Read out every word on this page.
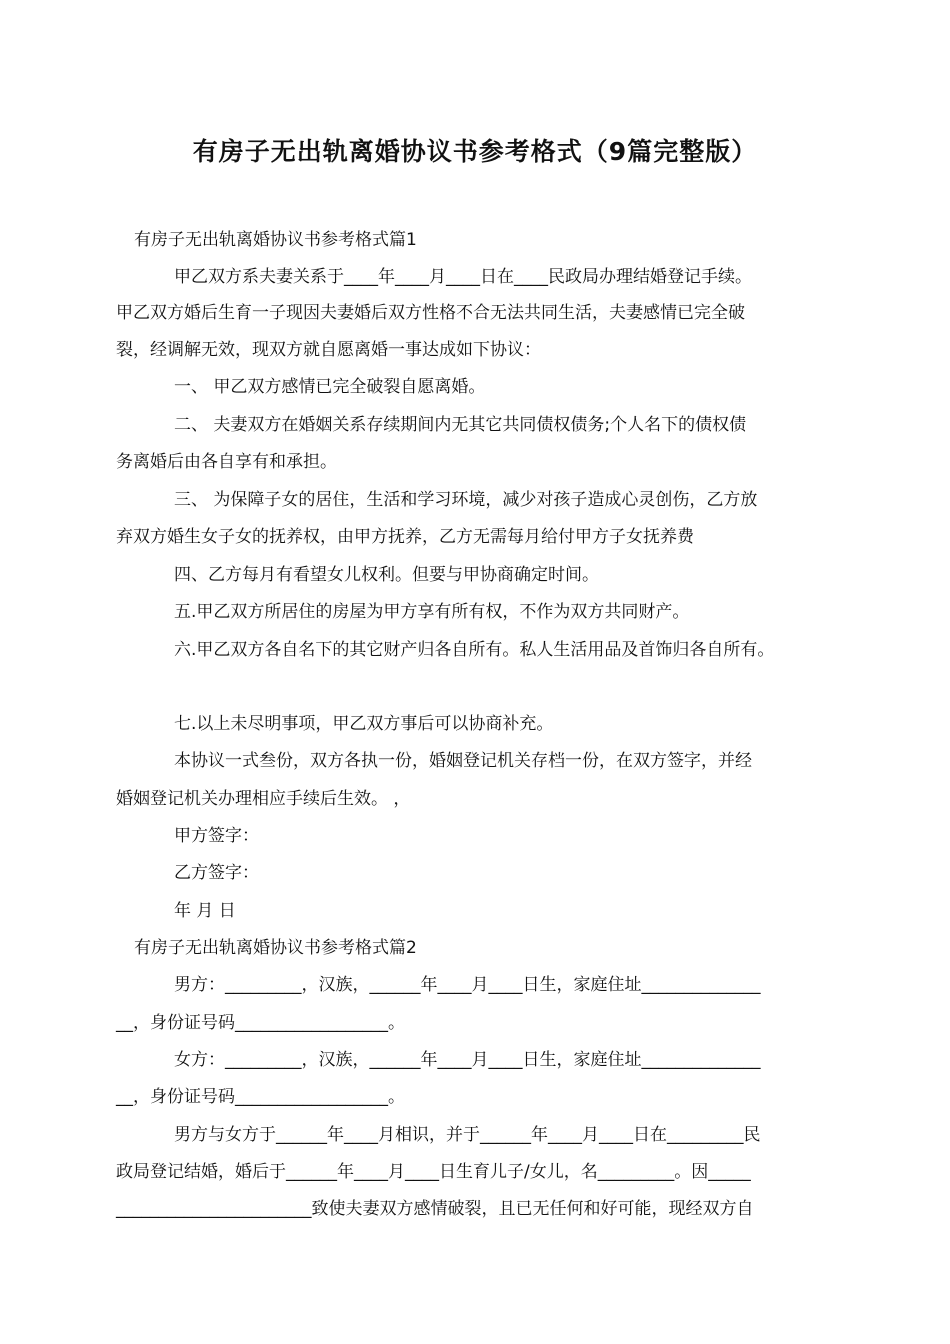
有房子无出轨离婚协议书参考格式（9篇完整版）
有房子无出轨离婚协议书参考格式篇1
甲乙双方系夫妻关系于____年____月____日在____民政局办理结婚登记手续。
甲乙双方婚后生育一子现因夫妻婚后双方性格不合无法共同生活，夫妻感情已完全破
裂，经调解无效，现双方就自愿离婚一事达成如下协议：
一、 甲乙双方感情已完全破裂自愿离婚。
二、 夫妻双方在婚姻关系存续期间内无其它共同债权债务;个人名下的债权债
务离婚后由各自享有和承担。
三、 为保障子女的居住，生活和学习环境，减少对孩子造成心灵创伤，乙方放
弃双方婚生女子女的抚养权，由甲方抚养，乙方无需每月给付甲方子女抚养费
四、乙方每月有看望女儿权利。但要与甲协商确定时间。
五.甲乙双方所居住的房屋为甲方享有所有权，不作为双方共同财产。
六.甲乙双方各自名下的其它财产归各自所有。私人生活用品及首饰归各自所有。
七.以上未尽明事项，甲乙双方事后可以协商补充。
本协议一式叁份，双方各执一份，婚姻登记机关存档一份，在双方签字，并经
婚姻登记机关办理相应手续后生效。 ，
甲方签字：
乙方签字：
年 月 日
有房子无出轨离婚协议书参考格式篇2
男方：_________，汉族，______年____月____日生，家庭住址______________
__，身份证号码__________________。
女方：_________，汉族，______年____月____日生，家庭住址______________
__，身份证号码__________________。
男方与女方于______年____月相识，并于______年____月____日在_________民
政局登记结婚，婚后于______年____月____日生育儿子/女儿，名_________。因_____
_______________________致使夫妻双方感情破裂，且已无任何和好可能，现经双方自
